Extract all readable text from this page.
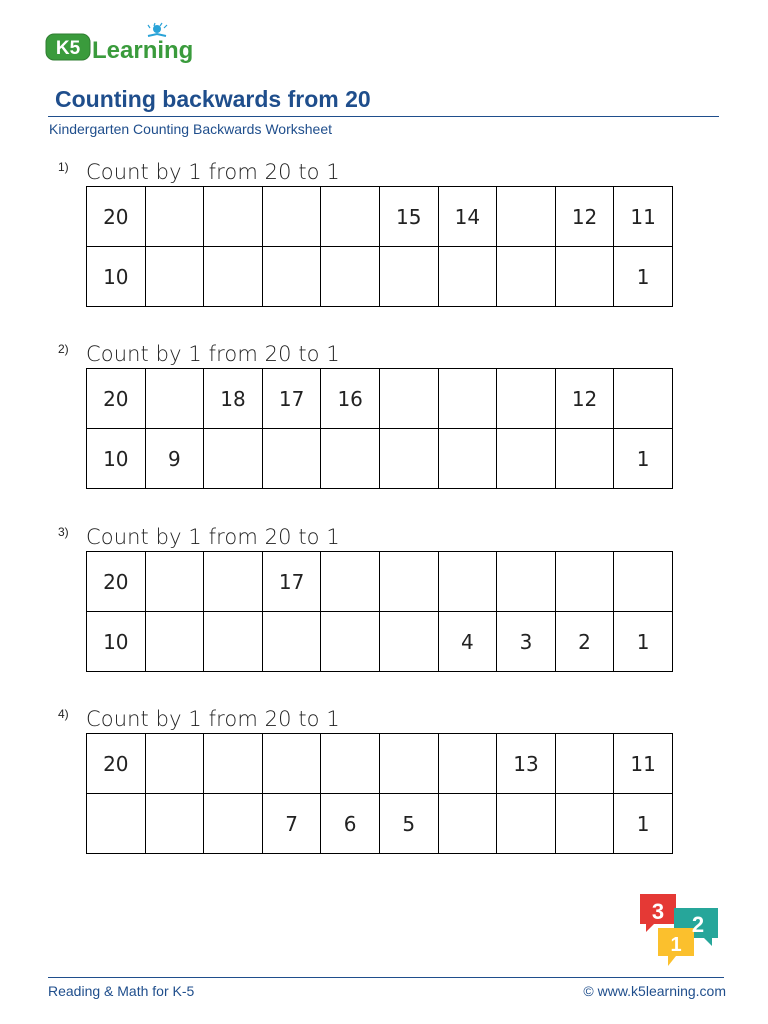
K5 Learning
Counting backwards from 20
Kindergarten Counting Backwards Worksheet
1) Count by 1 from 20 to 1
20					15	14		12	11
10									1
2) Count by 1 from 20 to 1
20		18	17	16				12	
10	9								1
3) Count by 1 from 20 to 1
20			17						
10						4	3	2	1
4) Count by 1 from 20 to 1
20							13		11
			7	6	5				1
3
2
1
Reading & Math for K-5	© www.k5learning.com
